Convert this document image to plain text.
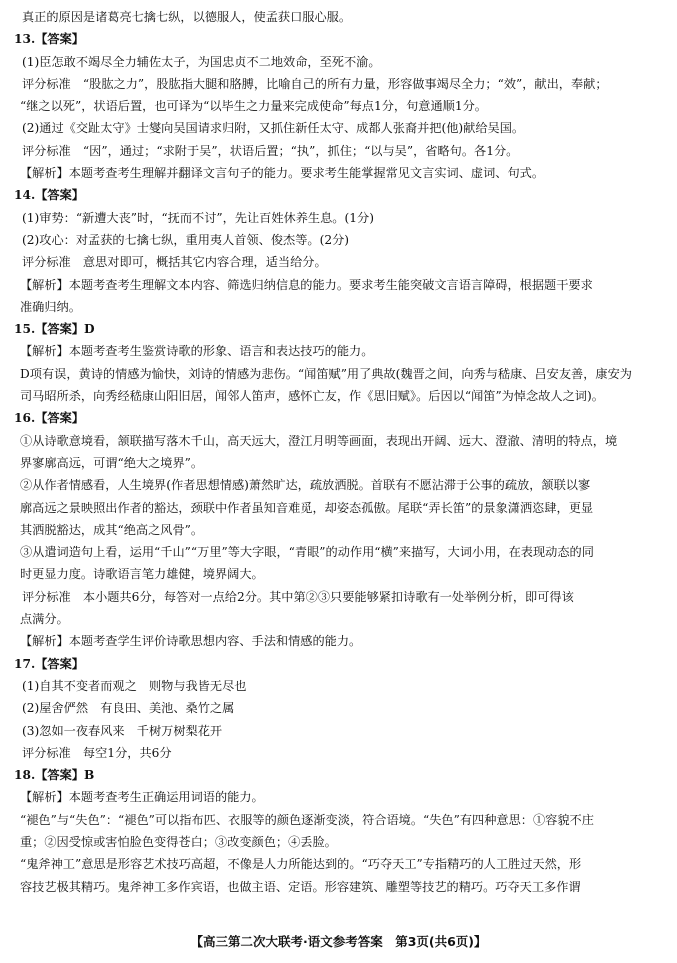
真正的原因是诸葛亮七擒七纵，以德服人，使孟获口服心服。
13.【答案】
(1)臣怎敢不竭尽全力辅佐太子，为国忠贞不二地效命，至死不渝。
评分标准　“股肱之力”，股肱指大腿和胳膊，比喻自己的所有力量，形容做事竭尽全力；“效”，献出，奉献；
“继之以死”，状语后置，也可译为“以毕生之力量来完成使命”每点1分，句意通顺1分。
(2)通过《交趾太守》士燮向吴国请求归附，又抓住新任太守、成都人张裔并把(他)献给吴国。
评分标准　“因”，通过；“求附于吴”，状语后置；“执”，抓住；“以与吴”，省略句。各1分。
【解析】本题考查考生理解并翻译文言句子的能力。要求考生能掌握常见文言实词、虚词、句式。
14.【答案】
(1)审势：“新遭大丧”时，“抚而不讨”，先让百姓休养生息。(1分)
(2)攻心：对孟获的七擒七纵，重用夷人首领、俊杰等。(2分)
评分标准　意思对即可，概括其它内容合理，适当给分。
【解析】本题考查考生理解文本内容、筛选归纳信息的能力。要求考生能突破文言语言障碍，根据题干要求
准确归纳。
15.【答案】D
【解析】本题考查考生鉴赏诗歌的形象、语言和表达技巧的能力。
D项有误，黄诗的情感为愉快，刘诗的情感为悲伤。“闻笛赋”用了典故(魏晋之间，向秀与嵇康、吕安友善，康安为
司马昭所杀，向秀经嵇康山阳旧居，闻邻人笛声，感怀亡友，作《思旧赋》。后因以“闻笛”为悼念故人之词)。
16.【答案】
①从诗歌意境看，颔联描写落木千山，高天远大，澄江月明等画面，表现出开阔、远大、澄澈、清明的特点，境
界寥廓高远，可谓“绝大之境界”。
②从作者情感看，人生境界(作者思想情感)萧然旷达，疏放洒脱。首联有不愿沾滞于公事的疏放，颔联以寥
廓高远之景映照出作者的豁达，颈联中作者虽知音难觅，却姿态孤傲。尾联“弄长笛”的景象潇洒恣肆，更显
其洒脱豁达，成其“绝高之风骨”。
③从遣词造句上看，运用“千山”“万里”等大字眼，“青眼”的动作用“横”来描写，大词小用，在表现动态的同
时更显力度。诗歌语言笔力雄健，境界阔大。
评分标准　本小题共6分，每答对一点给2分。其中第②③只要能够紧扣诗歌有一处举例分析，即可得该
点满分。
【解析】本题考查学生评价诗歌思想内容、手法和情感的能力。
17.【答案】
(1)自其不变者而观之　则物与我皆无尽也
(2)屋舍俨然　有良田、美池、桑竹之属
(3)忽如一夜春风来　千树万树梨花开
评分标准　每空1分，共6分
18.【答案】B
【解析】本题考查考生正确运用词语的能力。
“褪色”与“失色”：“褪色”可以指布匹、衣服等的颜色逐渐变淡，符合语境。“失色”有四种意思：①容貌不庄
重；②因受惊或害怕脸色变得苍白；③改变颜色；④丢脸。
“鬼斧神工”意思是形容艺术技巧高超，不像是人力所能达到的。“巧夺天工”专指精巧的人工胜过天然，形
容技艺极其精巧。鬼斧神工多作宾语，也做主语、定语。形容建筑、雕塑等技艺的精巧。巧夺天工多作谓
【高三第二次大联考·语文参考答案　第3页(共6页)】
